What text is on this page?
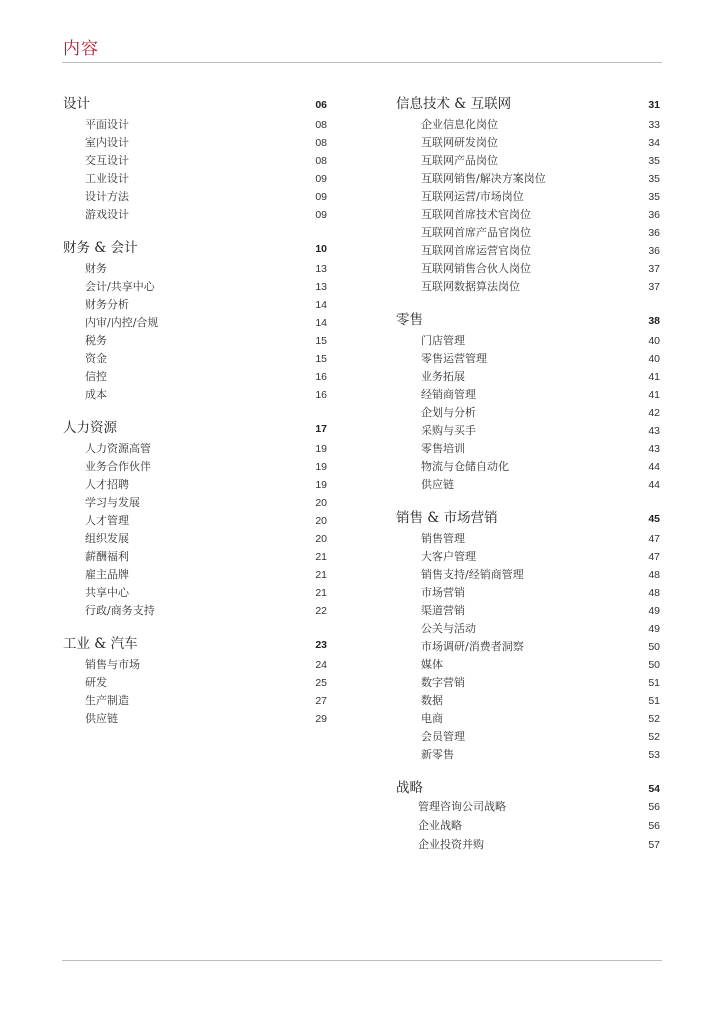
内容
设计	06
平面设计	08
室内设计	08
交互设计	08
工业设计	09
设计方法	09
游戏设计	09
财务 & 会计	10
财务	13
会计/共享中心	13
财务分析	14
内审/内控/合规	14
税务	15
资金	15
信控	16
成本	16
人力资源	17
人力资源高管	19
业务合作伙伴	19
人才招聘	19
学习与发展	20
人才管理	20
组织发展	20
薪酬福利	21
雇主品牌	21
共享中心	21
行政/商务支持	22
工业 & 汽车	23
销售与市场	24
研发	25
生产制造	27
供应链	29
信息技术 & 互联网	31
企业信息化岗位	33
互联网研发岗位	34
互联网产品岗位	35
互联网销售/解决方案岗位	35
互联网运营/市场岗位	35
互联网首席技术官岗位	36
互联网首席产品官岗位	36
互联网首席运营官岗位	36
互联网销售合伙人岗位	37
互联网数据算法岗位	37
零售	38
门店管理	40
零售运营管理	40
业务拓展	41
经销商管理	41
企划与分析	42
采购与买手	43
零售培训	43
物流与仓储自动化	44
供应链	44
销售 & 市场营销	45
销售管理	47
大客户管理	47
销售支持/经销商管理	48
市场营销	48
渠道营销	49
公关与活动	49
市场调研/消费者洞察	50
媒体	50
数字营销	51
数据	51
电商	52
会员管理	52
新零售	53
战略	54
管理咨询公司战略	56
企业战略	56
企业投资并购	57
